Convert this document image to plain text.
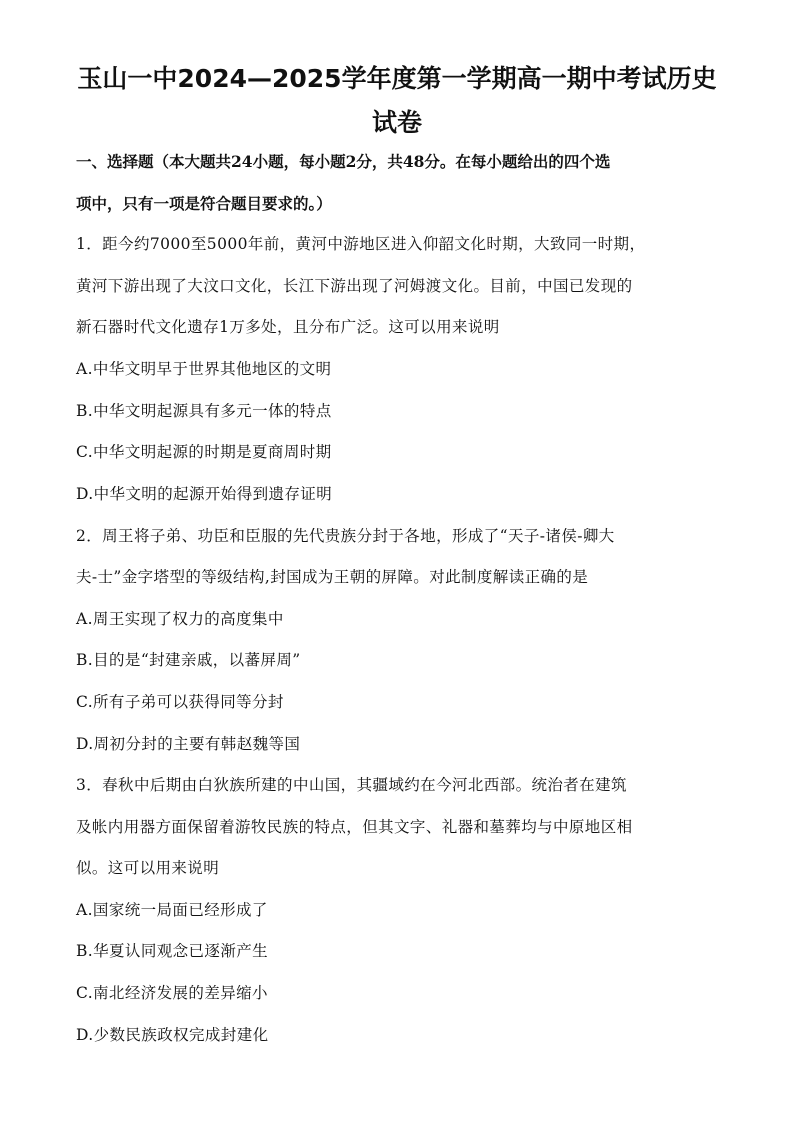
玉山一中2024—2025学年度第一学期高一期中考试历史
试卷
一、选择题（本大题共24小题，每小题2分，共48分。在每小题给出的四个选
项中，只有一项是符合题目要求的。）
1．距今约7000至5000年前，黄河中游地区进入仰韶文化时期，大致同一时期，
黄河下游出现了大汶口文化，长江下游出现了河姆渡文化。目前，中国已发现的
新石器时代文化遗存1万多处，且分布广泛。这可以用来说明
A.中华文明早于世界其他地区的文明
B.中华文明起源具有多元一体的特点
C.中华文明起源的时期是夏商周时期
D.中华文明的起源开始得到遗存证明
2．周王将子弟、功臣和臣服的先代贵族分封于各地，形成了“天子-诸侯-卿大
夫-士”金字塔型的等级结构,封国成为王朝的屏障。对此制度解读正确的是
A.周王实现了权力的高度集中
B.目的是“封建亲戚，以蕃屏周”
C.所有子弟可以获得同等分封
D.周初分封的主要有韩赵魏等国
3．春秋中后期由白狄族所建的中山国，其疆域约在今河北西部。统治者在建筑
及帐内用器方面保留着游牧民族的特点，但其文字、礼器和墓葬均与中原地区相
似。这可以用来说明
A.国家统一局面已经形成了
B.华夏认同观念已逐渐产生
C.南北经济发展的差异缩小
D.少数民族政权完成封建化
